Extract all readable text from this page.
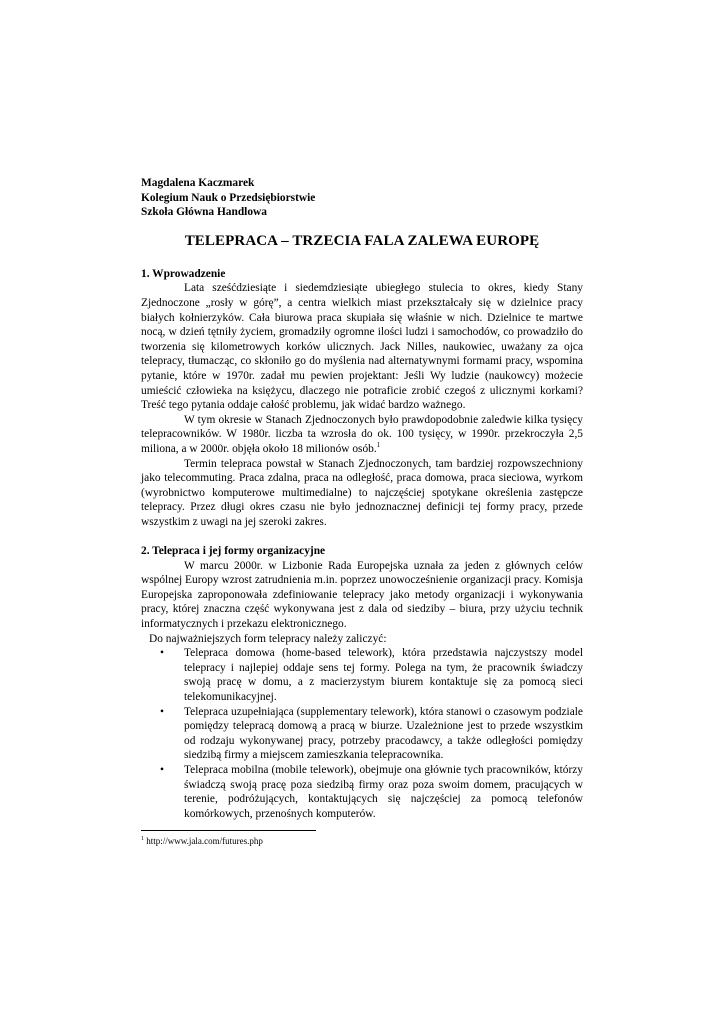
Magdalena Kaczmarek
Kolegium Nauk o Przedsiębiorstwie
Szkoła Główna Handlowa
TELEPRACA – TRZECIA FALA ZALEWA EUROPĘ
1. Wprowadzenie

Lata sześćdziesiąte i siedemdziesiąte ubiegłego stulecia to okres, kiedy Stany Zjednoczone „rosły w górę”, a centra wielkich miast przekształcały się w dzielnice pracy białych kołnierzyków. Cała biurowa praca skupiała się właśnie w nich. Dzielnice te martwe nocą, w dzień tętniły życiem, gromadziły ogromne ilości ludzi i samochodów, co prowadziło do tworzenia się kilometrowych korków ulicznych. Jack Nilles, naukowiec, uważany za ojca telepracy, tłumacząc, co skłoniło go do myślenia nad alternatywnymi formami pracy, wspomina pytanie, które w 1970r. zadał mu pewien projektant: Jeśli Wy ludzie (naukowcy) możecie umieścić człowieka na księżycu, dlaczego nie potraficie zrobić czegoś z ulicznymi korkami? Treść tego pytania oddaje całość problemu, jak widać bardzo ważnego.

W tym okresie w Stanach Zjednoczonych było prawdopodobnie zaledwie kilka tysięcy telepracowników. W 1980r. liczba ta wzrosła do ok. 100 tysięcy, w 1990r. przekroczyła 2,5 miliona, a w 2000r. objęła około 18 milionów osób.$^1$

Termin telepraca powstał w Stanach Zjednoczonych, tam bardziej rozpowszechniony jako telecommuting. Praca zdalna, praca na odległość, praca domowa, praca sieciowa, wyrkom (wyrobnictwo komputerowe multimedialne) to najczęściej spotykane określenia zastępcze telepracy. Przez długi okres czasu nie było jednoznacznej definicji tej formy pracy, przede wszystkim z uwagi na jej szeroki zakres.

2. Telepraca i jej formy organizacyjne

W marcu 2000r. w Lizbonie Rada Europejska uznała za jeden z głównych celów wspólnej Europy wzrost zatrudnienia m.in. poprzez unowocześnienie organizacji pracy. Komisja Europejska zaproponowała zdefiniowanie telepracy jako metody organizacji i wykonywania pracy, której znaczna część wykonywana jest z dala od siedziby – biura, przy użyciu technik informatycznych i przekazu elektronicznego.

Do najważniejszych form telepracy należy zaliczyć:

• Telepraca domowa (home-based telework), która przedstawia najczystszy model telepracy i najlepiej oddaje sens tej formy. Polega na tym, że pracownik świadczy swoją pracę w domu, a z macierzystym biurem kontaktuje się za pomocą sieci telekomunikacyjnej.
• Telepraca uzupełniająca (supplementary telework), która stanowi o czasowym podziale pomiędzy telepracą domową a pracą w biurze. Uzależnione jest to przede wszystkim od rodzaju wykonywanej pracy, potrzeby pracodawcy, a także odległości pomiędzy siedzibą firmy a miejscem zamieszkania telepracownika.
• Telepraca mobilna (mobile telework), obejmuje ona głównie tych pracowników, którzy świadczą swoją pracę poza siedzibą firmy oraz poza swoim domem, pracujących w terenie, podróżujących, kontaktujących się najczęściej za pomocą telefonów komórkowych, przenośnych komputerów.
$^1$ http://www.jala.com/futures.php
